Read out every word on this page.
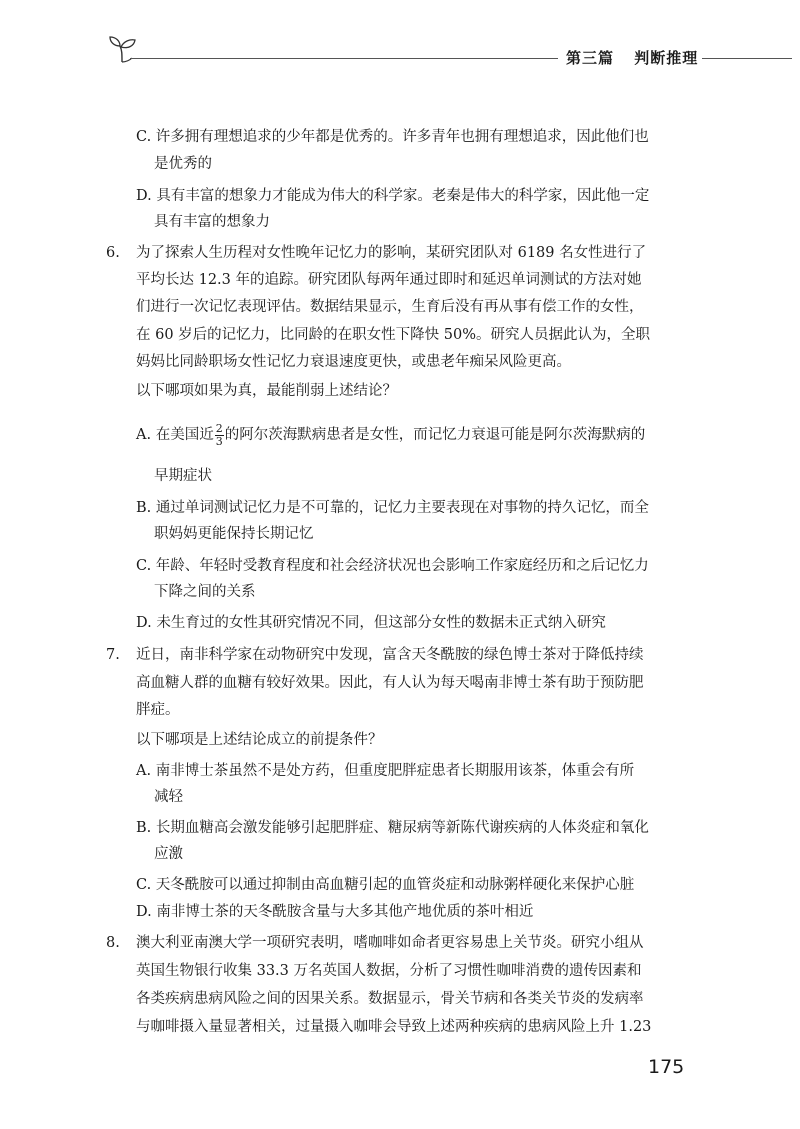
第三篇 判断推理
C. 许多拥有理想追求的少年都是优秀的。许多青年也拥有理想追求，因此他们也
是优秀的
D. 具有丰富的想象力才能成为伟大的科学家。老秦是伟大的科学家，因此他一定
具有丰富的想象力
6. 为了探索人生历程对女性晚年记忆力的影响，某研究团队对 6189 名女性进行了
平均长达 12.3 年的追踪。研究团队每两年通过即时和延迟单词测试的方法对她
们进行一次记忆表现评估。数据结果显示，生育后没有再从事有偿工作的女性，
在 60 岁后的记忆力，比同龄的在职女性下降快 50%。研究人员据此认为，全职
妈妈比同龄职场女性记忆力衰退速度更快，或患老年痴呆风险更高。
以下哪项如果为真，最能削弱上述结论？
A. 在美国近 $\frac{2}{3}$ 的阿尔茨海默病患者是女性，而记忆力衰退可能是阿尔茨海默病的
早期症状
B. 通过单词测试记忆力是不可靠的，记忆力主要表现在对事物的持久记忆，而全
职妈妈更能保持长期记忆
C. 年龄、年轻时受教育程度和社会经济状况也会影响工作家庭经历和之后记忆力
下降之间的关系
D. 未生育过的女性其研究情况不同，但这部分女性的数据未正式纳入研究
7. 近日，南非科学家在动物研究中发现，富含天冬酰胺的绿色博士茶对于降低持续
高血糖人群的血糖有较好效果。因此，有人认为每天喝南非博士茶有助于预防肥
胖症。
以下哪项是上述结论成立的前提条件？
A. 南非博士茶虽然不是处方药，但重度肥胖症患者长期服用该茶，体重会有所
减轻
B. 长期血糖高会激发能够引起肥胖症、糖尿病等新陈代谢疾病的人体炎症和氧化
应激
C. 天冬酰胺可以通过抑制由高血糖引起的血管炎症和动脉粥样硬化来保护心脏
D. 南非博士茶的天冬酰胺含量与大多其他产地优质的茶叶相近
8. 澳大利亚南澳大学一项研究表明，嗜咖啡如命者更容易患上关节炎。研究小组从
英国生物银行收集 33.3 万名英国人数据，分析了习惯性咖啡消费的遗传因素和
各类疾病患病风险之间的因果关系。数据显示，骨关节病和各类关节炎的发病率
与咖啡摄入量显著相关，过量摄入咖啡会导致上述两种疾病的患病风险上升 1.23
175
